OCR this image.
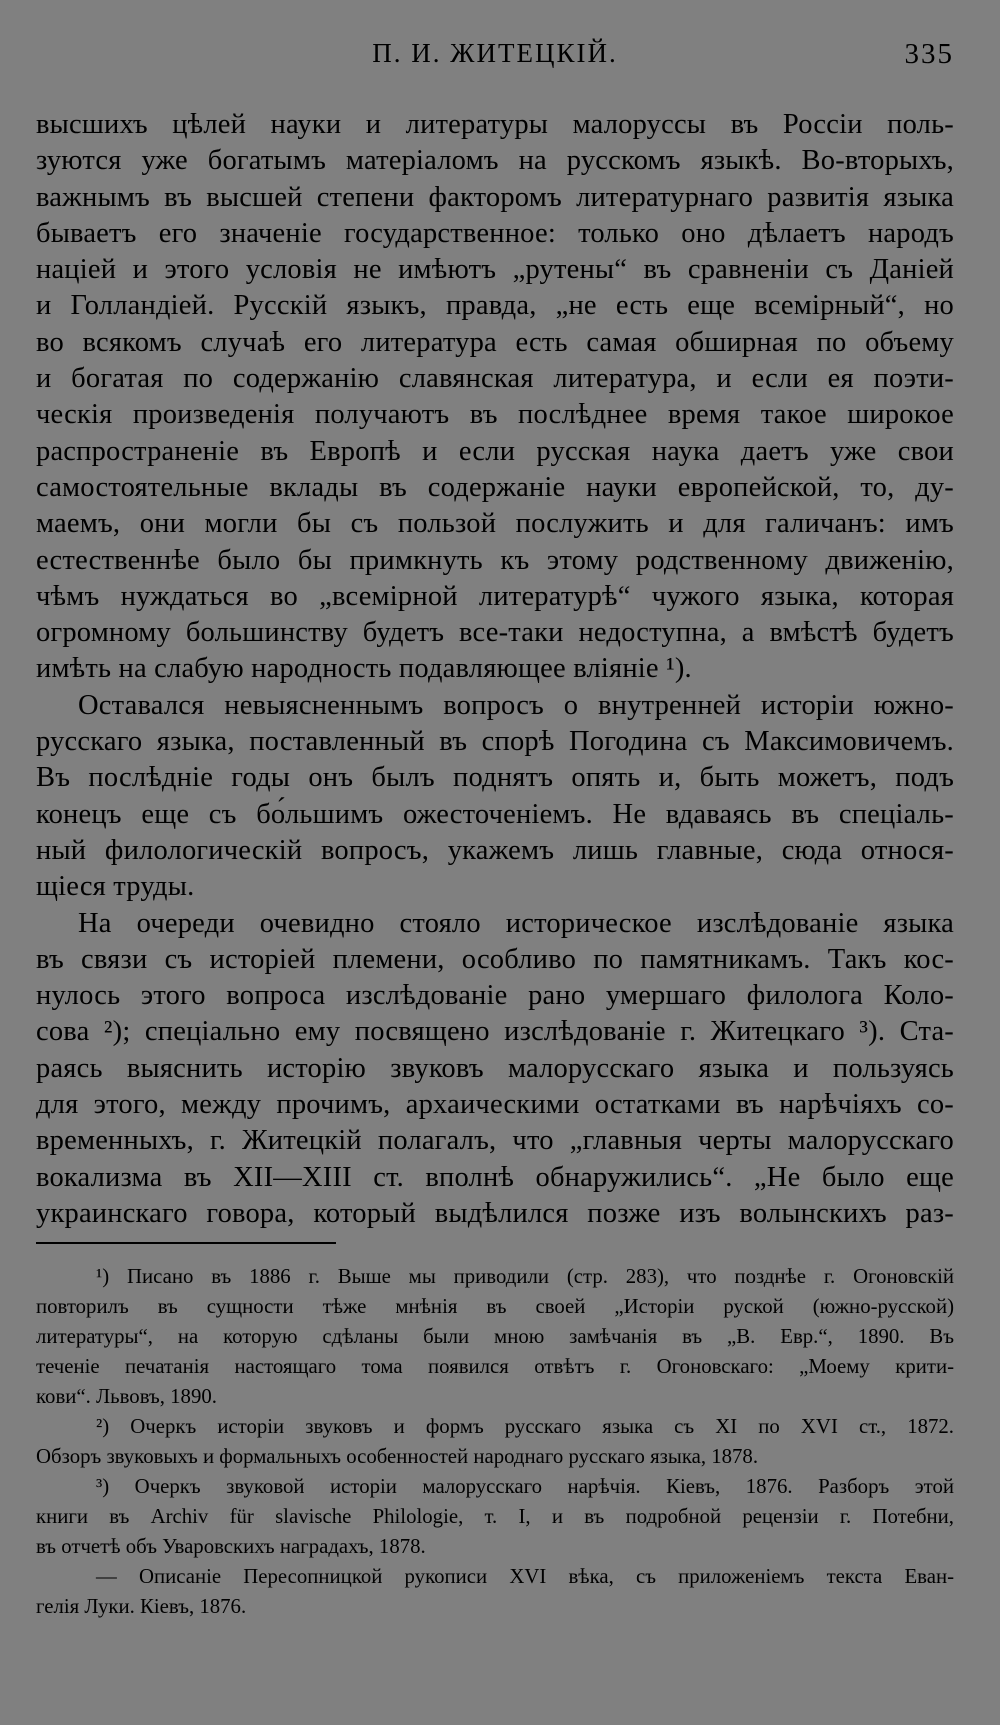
П. И. ЖИТЕЦКІЙ.	335

высшихъ цѣлей науки и литературы малоруссы въ Россіи поль-

зуются уже богатымъ матеріаломъ на русскомъ языкѣ. Во-вторыхъ,

важнымъ въ высшей степени факторомъ литературнаго развитія языка

бываетъ его значеніе государственное: только оно дѣлаетъ народъ

націей и этого условія не имѣютъ „рутены“ въ сравненіи съ Даніей

и Голландіей. Русскій языкъ, правда, „не есть еще всемірный“, но

во всякомъ случаѣ его литература есть самая обширная по объему

и богатая по содержанію славянская литература, и если ея поэти-

ческія произведенія получаютъ въ послѣднее время такое широкое

распространеніе въ Европѣ и если русская наука даетъ уже свои

самостоятельные вклады въ содержаніе науки европейской, то, ду-

маемъ, они могли бы съ пользой послужить и для галичанъ: имъ

естественнѣе было бы примкнуть къ этому родственному движенію,

чѣмъ нуждаться во „всемірной литературѣ“ чужого языка, которая

огромному большинству будетъ все-таки недоступна, а вмѣстѣ будетъ

имѣть на слабую народность подавляющее вліяніе ¹).

Оставался невыясненнымъ вопросъ о внутренней исторіи южно-

русскаго языка, поставленный въ спорѣ Погодина съ Максимовичемъ.

Въ послѣдніе годы онъ былъ поднятъ опять и, быть можетъ, подъ

конецъ еще съ бо́льшимъ ожесточеніемъ. Не вдаваясь въ спеціаль-

ный филологическій вопросъ, укажемъ лишь главные, сюда относя-

щіеся труды.

На очереди очевидно стояло историческое изслѣдованіе языка

въ связи съ исторіей племени, особливо по памятникамъ. Такъ кос-

нулось этого вопроса изслѣдованіе рано умершаго филолога Коло-

сова ²); спеціально ему посвящено изслѣдованіе г. Житецкаго ³). Ста-

раясь выяснить исторію звуковъ малорусскаго языка и пользуясь

для этого, между прочимъ, архаическими остатками въ нарѣчіяхъ со-

временныхъ, г. Житецкій полагалъ, что „главныя черты малорусскаго

вокализма въ XII—XIII ст. вполнѣ обнаружились“. „Не было еще

украинскаго говора, который выдѣлился позже изъ волынскихъ раз-

¹) Писано въ 1886 г. Выше мы приводили (стр. 283), что позднѣе г. Огоновскій

повторилъ въ сущности тѣже мнѣнія въ своей „Исторіи руской (южно-русской)

литературы“, на которую сдѣланы были мною замѣчанія въ „В. Евр.“, 1890. Въ

теченіе печатанія настоящаго тома появился отвѣтъ г. Огоновскаго: „Моему крити-

кови“. Львовъ, 1890.

²) Очеркъ исторіи звуковъ и формъ русскаго языка съ XI по XVI ст., 1872.

Обзоръ звуковыхъ и формальныхъ особенностей народнаго русскаго языка, 1878.

³) Очеркъ звуковой исторіи малорусскаго нарѣчія. Кіевъ, 1876. Разборъ этой

книги въ Archiv für slavische Philologie, т. I, и въ подробной рецензіи г. Потебни,

въ отчетѣ объ Уваровскихъ наградахъ, 1878.

— Описаніе Пересопницкой рукописи XVI вѣка, съ приложеніемъ текста Еван-

гелія Луки. Кіевъ, 1876.
